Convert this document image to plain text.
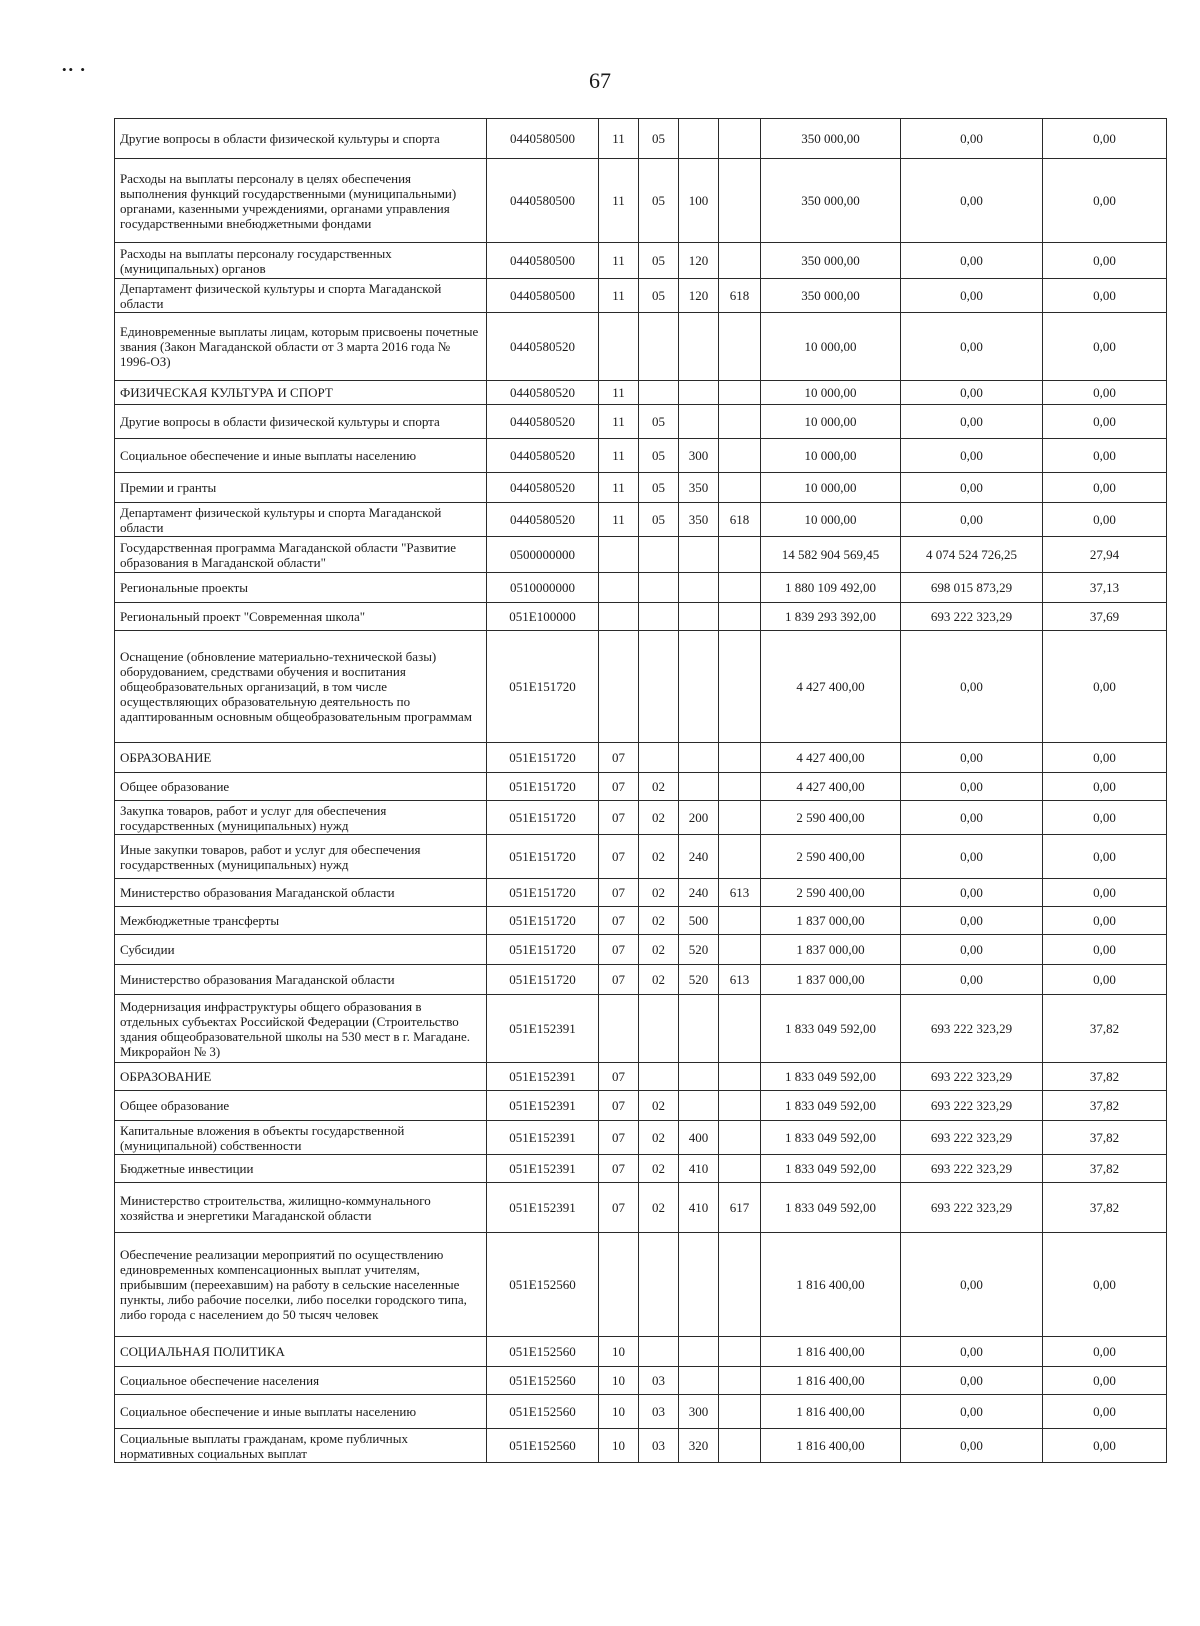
•• •	67
Другие вопросы в области физической культуры и спорта	0440580500	11	05			350 000,00	0,00	0,00
Расходы на выплаты персоналу в целях обеспечения выполнения функций государственными (муниципальными) органами, казенными учреждениями, органами управления государственными внебюджетными фондами	0440580500	11	05	100		350 000,00	0,00	0,00
Расходы на выплаты персоналу государственных (муниципальных) органов	0440580500	11	05	120		350 000,00	0,00	0,00
Департамент физической культуры и спорта Магаданской области	0440580500	11	05	120	618	350 000,00	0,00	0,00
Единовременные выплаты лицам, которым присвоены почетные звания (Закон Магаданской области от 3 марта 2016 года № 1996-ОЗ)	0440580520					10 000,00	0,00	0,00
ФИЗИЧЕСКАЯ КУЛЬТУРА И СПОРТ	0440580520	11				10 000,00	0,00	0,00
Другие вопросы в области физической культуры и спорта	0440580520	11	05			10 000,00	0,00	0,00
Социальное обеспечение и иные выплаты населению	0440580520	11	05	300		10 000,00	0,00	0,00
Премии и гранты	0440580520	11	05	350		10 000,00	0,00	0,00
Департамент физической культуры и спорта Магаданской области	0440580520	11	05	350	618	10 000,00	0,00	0,00
Государственная программа Магаданской области "Развитие образования в Магаданской области"	0500000000					14 582 904 569,45	4 074 524 726,25	27,94
Региональные проекты	0510000000					1 880 109 492,00	698 015 873,29	37,13
Региональный проект "Современная школа"	051E100000					1 839 293 392,00	693 222 323,29	37,69
Оснащение (обновление материально-технической базы) оборудованием, средствами обучения и воспитания общеобразовательных организаций, в том числе осуществляющих образовательную деятельность по адаптированным основным общеобразовательным программам	051E151720					4 427 400,00	0,00	0,00
ОБРАЗОВАНИЕ	051E151720	07				4 427 400,00	0,00	0,00
Общее образование	051E151720	07	02			4 427 400,00	0,00	0,00
Закупка товаров, работ и услуг для обеспечения государственных (муниципальных) нужд	051E151720	07	02	200		2 590 400,00	0,00	0,00
Иные закупки товаров, работ и услуг для обеспечения государственных (муниципальных) нужд	051E151720	07	02	240		2 590 400,00	0,00	0,00
Министерство образования Магаданской области	051E151720	07	02	240	613	2 590 400,00	0,00	0,00
Межбюджетные трансферты	051E151720	07	02	500		1 837 000,00	0,00	0,00
Субсидии	051E151720	07	02	520		1 837 000,00	0,00	0,00
Министерство образования Магаданской области	051E151720	07	02	520	613	1 837 000,00	0,00	0,00
Модернизация инфраструктуры общего образования в отдельных субъектах Российской Федерации (Строительство здания общеобразовательной школы на 530 мест в г. Магадане. Микрорайон № 3)	051E152391					1 833 049 592,00	693 222 323,29	37,82
ОБРАЗОВАНИЕ	051E152391	07				1 833 049 592,00	693 222 323,29	37,82
Общее образование	051E152391	07	02			1 833 049 592,00	693 222 323,29	37,82
Капитальные вложения в объекты государственной (муниципальной) собственности	051E152391	07	02	400		1 833 049 592,00	693 222 323,29	37,82
Бюджетные инвестиции	051E152391	07	02	410		1 833 049 592,00	693 222 323,29	37,82
Министерство строительства, жилищно-коммунального хозяйства и энергетики Магаданской области	051E152391	07	02	410	617	1 833 049 592,00	693 222 323,29	37,82
Обеспечение реализации мероприятий по осуществлению единовременных компенсационных выплат учителям, прибывшим (переехавшим) на работу в сельские населенные пункты, либо рабочие поселки, либо поселки городского типа, либо города с населением до 50 тысяч человек	051E152560					1 816 400,00	0,00	0,00
СОЦИАЛЬНАЯ ПОЛИТИКА	051E152560	10				1 816 400,00	0,00	0,00
Социальное обеспечение населения	051E152560	10	03			1 816 400,00	0,00	0,00
Социальное обеспечение и иные выплаты населению	051E152560	10	03	300		1 816 400,00	0,00	0,00
Социальные выплаты гражданам, кроме публичных нормативных социальных выплат	051E152560	10	03	320		1 816 400,00	0,00	0,00
